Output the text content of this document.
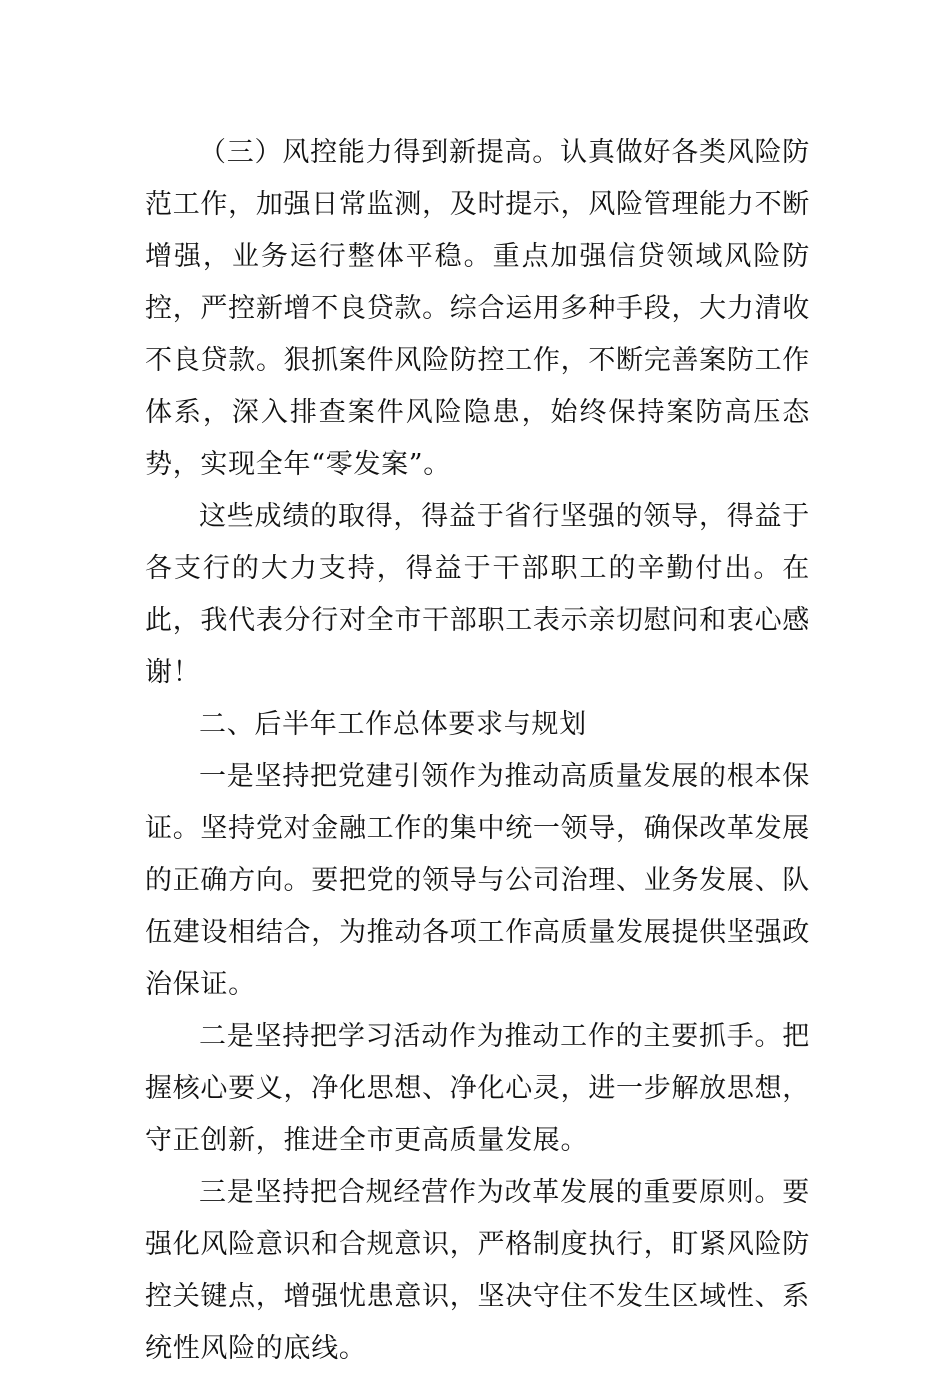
（三）风控能力得到新提高。认真做好各类风险防范工作，加强日常监测，及时提示，风险管理能力不断增强，业务运行整体平稳。重点加强信贷领域风险防控，严控新增不良贷款。综合运用多种手段，大力清收不良贷款。狠抓案件风险防控工作，不断完善案防工作体系，深入排查案件风险隐患，始终保持案防高压态势，实现全年“零发案”。

这些成绩的取得，得益于省行坚强的领导，得益于各支行的大力支持，得益于干部职工的辛勤付出。在此，我代表分行对全市干部职工表示亲切慰问和衷心感谢！

二、后半年工作总体要求与规划

一是坚持把党建引领作为推动高质量发展的根本保证。坚持党对金融工作的集中统一领导，确保改革发展的正确方向。要把党的领导与公司治理、业务发展、队伍建设相结合，为推动各项工作高质量发展提供坚强政治保证。

二是坚持把学习活动作为推动工作的主要抓手。把握核心要义，净化思想、净化心灵，进一步解放思想，守正创新，推进全市更高质量发展。

三是坚持把合规经营作为改革发展的重要原则。要强化风险意识和合规意识，严格制度执行，盯紧风险防控关键点，增强忧患意识，坚决守住不发生区域性、系统性风险的底线。
